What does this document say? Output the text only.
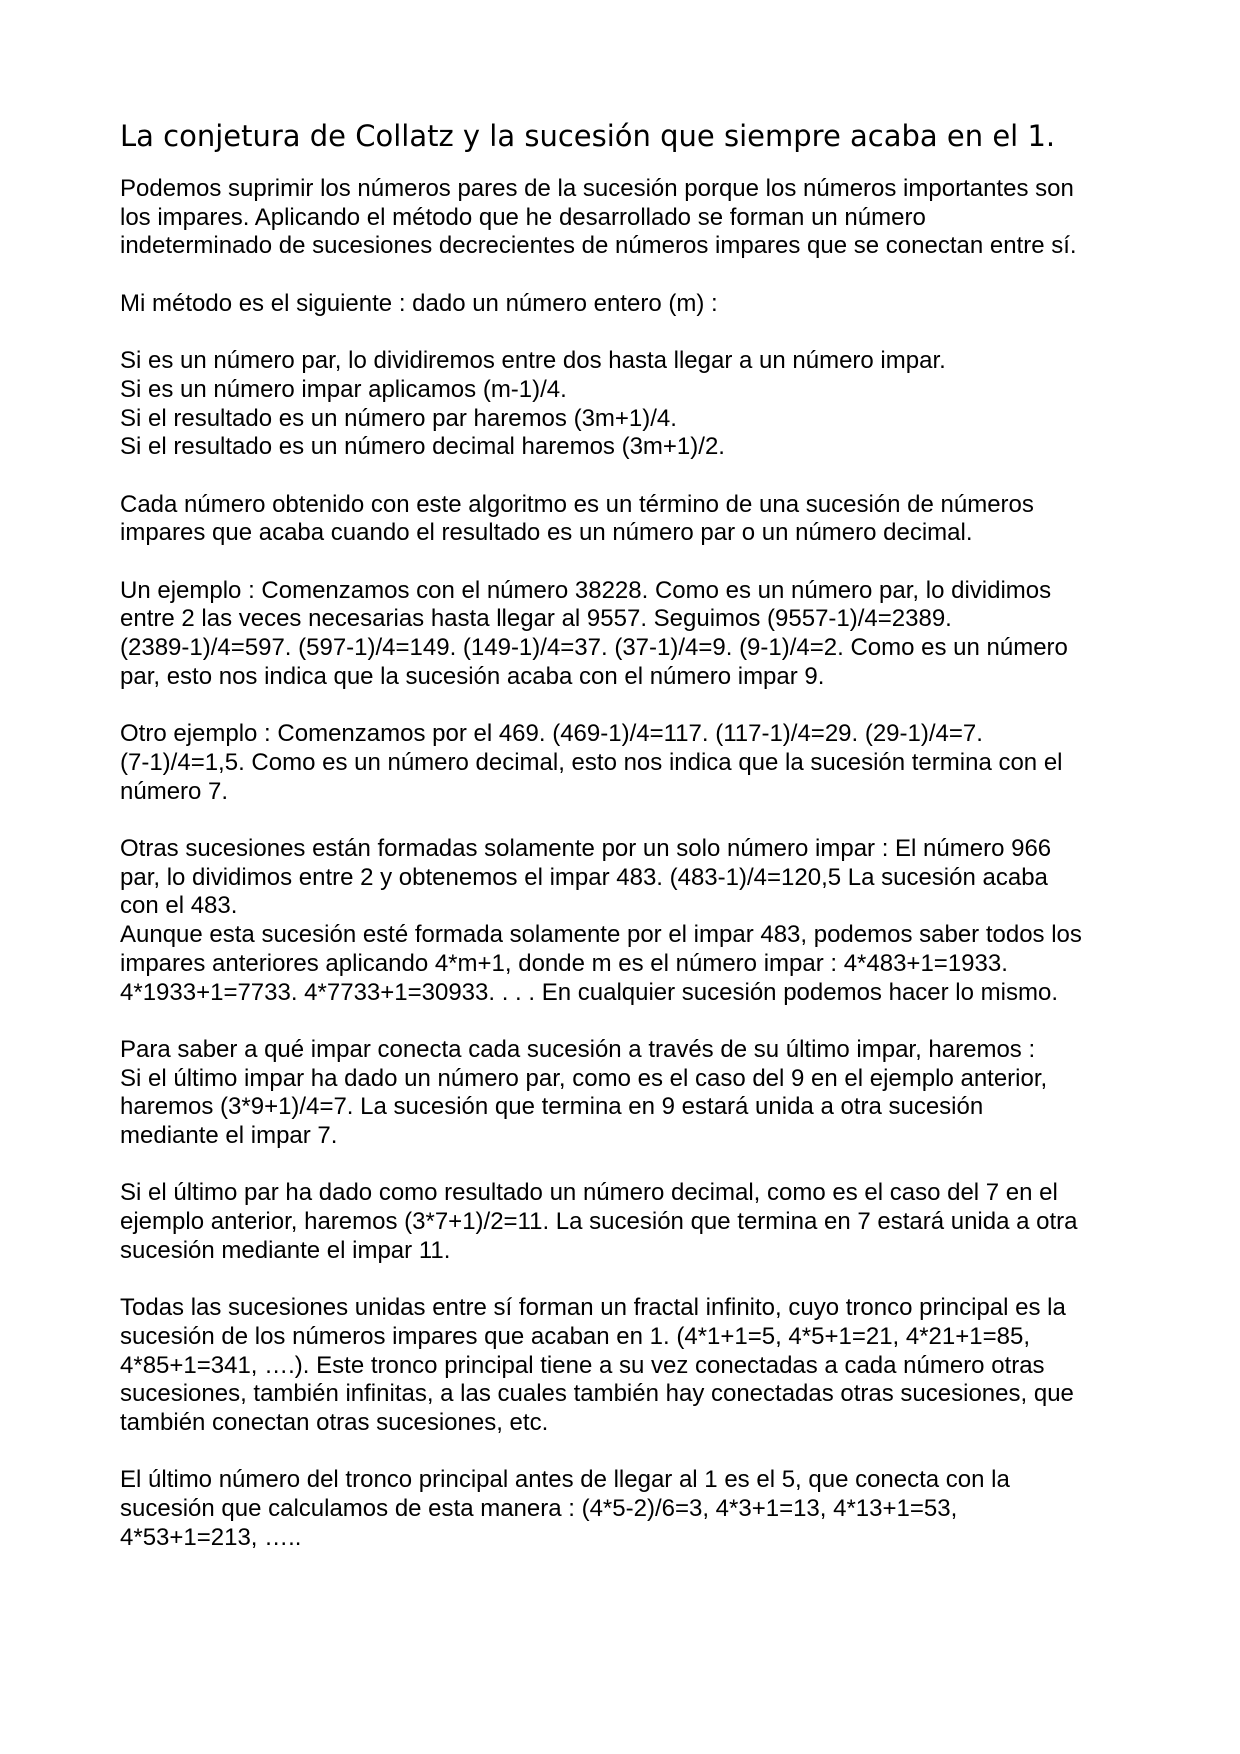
La conjetura de Collatz y la sucesión que siempre acaba en el 1.

Podemos suprimir los números pares de la sucesión porque los números importantes son
los impares. Aplicando el método que he desarrollado se forman un número
indeterminado de sucesiones decrecientes de números impares que se conectan entre sí.

Mi método es el siguiente : dado un número entero (m) :

Si es un número par, lo dividiremos entre dos hasta llegar a un número impar.
Si es un número impar aplicamos (m-1)/4.
Si el resultado es un número par haremos (3m+1)/4.
Si el resultado es un número decimal haremos (3m+1)/2.

Cada número obtenido con este algoritmo es un término de una sucesión de números
impares que acaba cuando el resultado es un número par o un número decimal.

Un ejemplo : Comenzamos con el número 38228. Como es un número par, lo dividimos
entre 2 las veces necesarias hasta llegar al 9557. Seguimos (9557-1)/4=2389.
(2389-1)/4=597. (597-1)/4=149. (149-1)/4=37. (37-1)/4=9. (9-1)/4=2. Como es un número
par, esto nos indica que la sucesión acaba con el número impar 9.

Otro ejemplo : Comenzamos por el 469. (469-1)/4=117. (117-1)/4=29. (29-1)/4=7.
(7-1)/4=1,5. Como es un número decimal, esto nos indica que la sucesión termina con el
número 7.

Otras sucesiones están formadas solamente por un solo número impar : El número 966
par, lo dividimos entre 2 y obtenemos el impar 483. (483-1)/4=120,5 La sucesión acaba
con el 483.
Aunque esta sucesión esté formada solamente por el impar 483, podemos saber todos los
impares anteriores aplicando 4*m+1, donde m es el número impar : 4*483+1=1933.
4*1933+1=7733. 4*7733+1=30933. . . . En cualquier sucesión podemos hacer lo mismo.

Para saber a qué impar conecta cada sucesión a través de su último impar, haremos :
Si el último impar ha dado un número par, como es el caso del 9 en el ejemplo anterior,
haremos (3*9+1)/4=7. La sucesión que termina en 9 estará unida a otra sucesión
mediante el impar 7.

Si el último par ha dado como resultado un número decimal, como es el caso del 7 en el
ejemplo anterior, haremos (3*7+1)/2=11. La sucesión que termina en 7 estará unida a otra
sucesión mediante el impar 11.

Todas las sucesiones unidas entre sí forman un fractal infinito, cuyo tronco principal es la
sucesión de los números impares que acaban en 1. (4*1+1=5, 4*5+1=21, 4*21+1=85,
4*85+1=341, ….). Este tronco principal tiene a su vez conectadas a cada número otras
sucesiones, también infinitas, a las cuales también hay conectadas otras sucesiones, que
también conectan otras sucesiones, etc.

El último número del tronco principal antes de llegar al 1 es el 5, que conecta con la
sucesión que calculamos de esta manera : (4*5-2)/6=3, 4*3+1=13, 4*13+1=53,
4*53+1=213, …..
